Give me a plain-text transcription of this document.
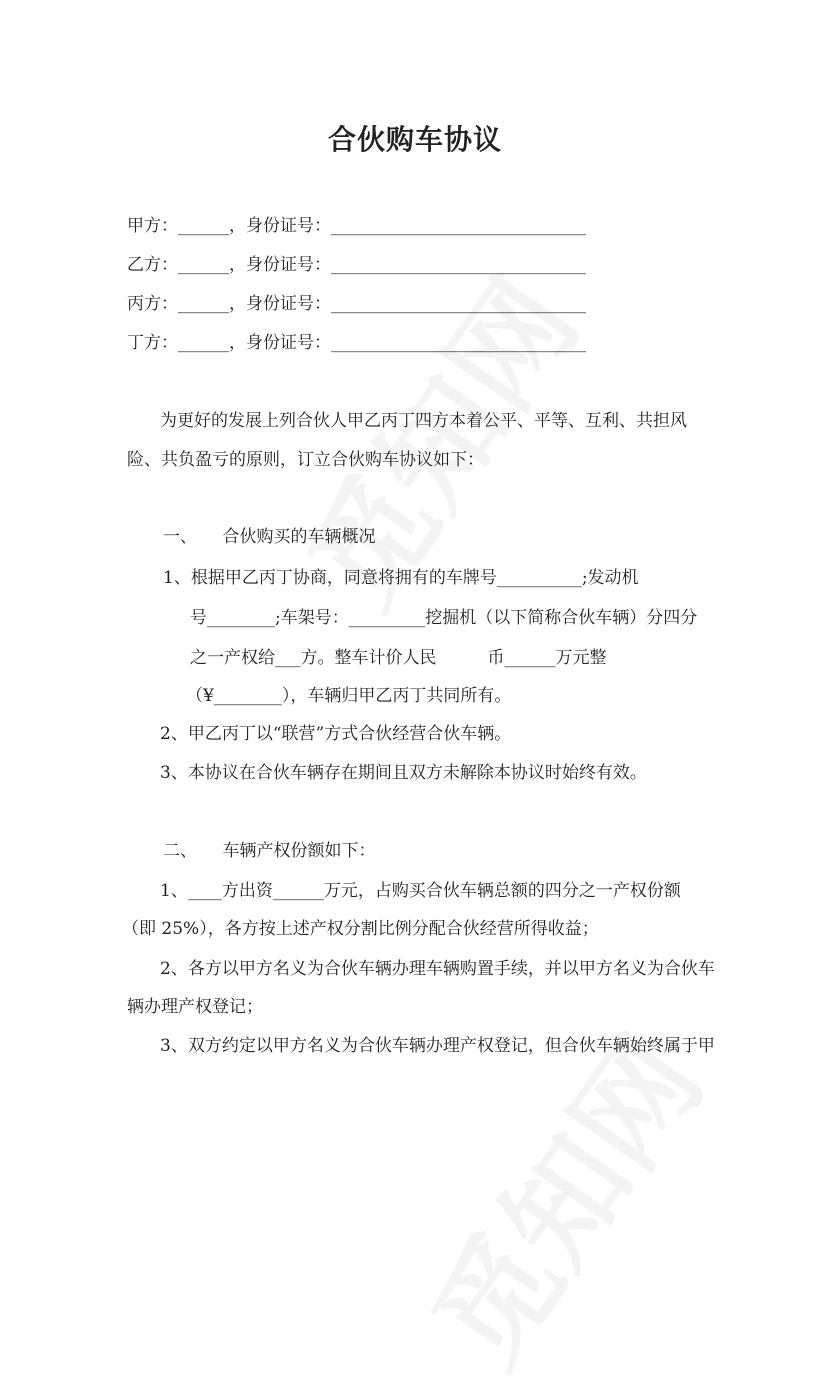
合伙购车协议
甲方：______，身份证号：______________________________
乙方：______，身份证号：______________________________
丙方：______，身份证号：______________________________
丁方：______，身份证号：______________________________
为更好的发展上列合伙人甲乙丙丁四方本着公平、平等、互利、共担风
险、共负盈亏的原则，订立合伙购车协议如下：
一、　　合伙购买的车辆概况
1、根据甲乙丙丁协商，同意将拥有的车牌号__________;发动机
号________;车架号：_________挖掘机（以下简称合伙车辆）分四分
之一产权给___方。整车计价人民　　　币______万元整
（¥________），车辆归甲乙丙丁共同所有。
2、甲乙丙丁以“联营”方式合伙经营合伙车辆。
3、本协议在合伙车辆存在期间且双方未解除本协议时始终有效。
二、　　车辆产权份额如下：
1、____方出资______万元，占购买合伙车辆总额的四分之一产权份额
（即 25%），各方按上述产权分割比例分配合伙经营所得收益；
2、各方以甲方名义为合伙车辆办理车辆购置手续，并以甲方名义为合伙车
辆办理产权登记；
3、双方约定以甲方名义为合伙车辆办理产权登记，但合伙车辆始终属于甲
